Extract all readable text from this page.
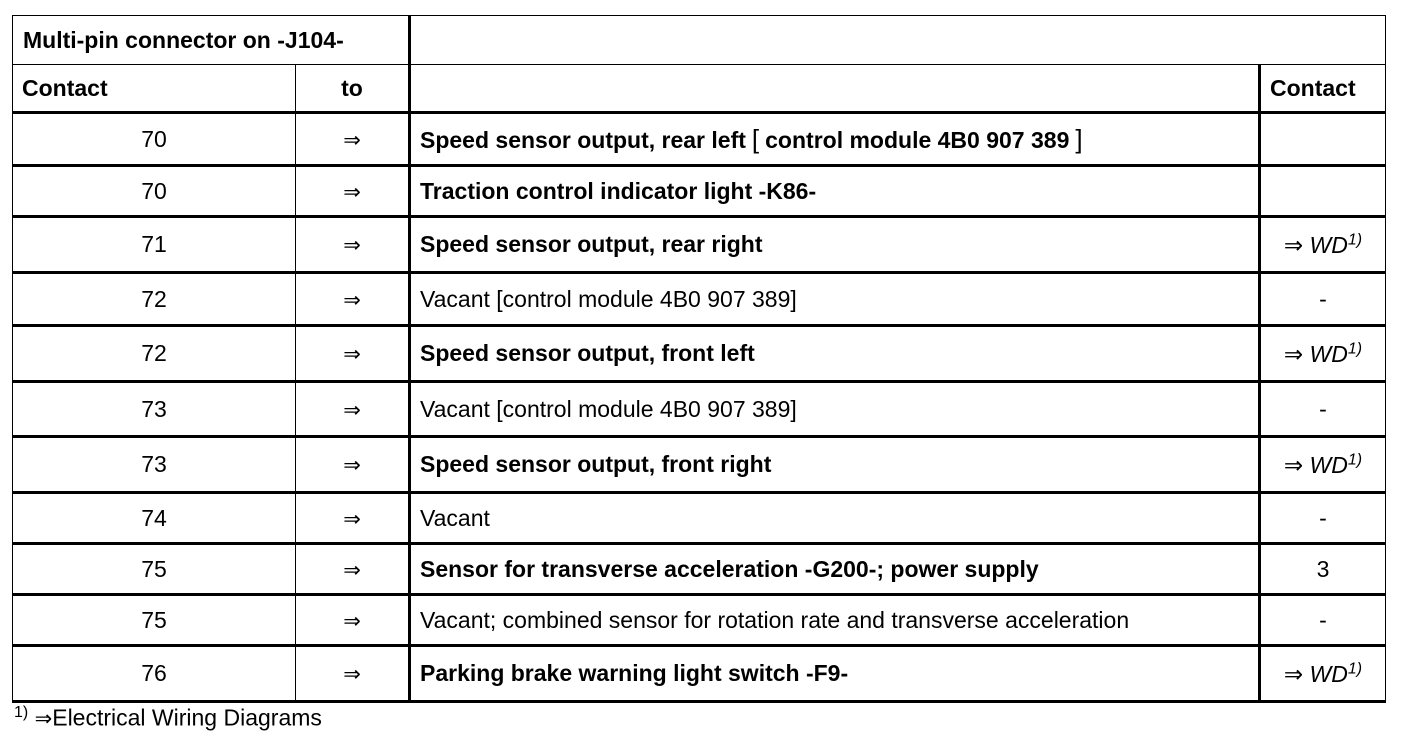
Multi-pin connector on -J104-			
Contact	to		Contact
70	⇒	Speed sensor output, rear left [ control module 4B0 907 389 ]	
70	⇒	Traction control indicator light -K86-	
71	⇒	Speed sensor output, rear right	⇒ WD$^{1)}$
72	⇒	Vacant [control module 4B0 907 389]	-
72	⇒	Speed sensor output, front left	⇒ WD$^{1)}$
73	⇒	Vacant [control module 4B0 907 389]	-
73	⇒	Speed sensor output, front right	⇒ WD$^{1)}$
74	⇒	Vacant	-
75	⇒	Sensor for transverse acceleration -G200-; power supply	3
75	⇒	Vacant; combined sensor for rotation rate and transverse acceleration	-
76	⇒	Parking brake warning light switch -F9-	⇒ WD$^{1)}$
$^{1)}$ ⇒Electrical Wiring Diagrams
